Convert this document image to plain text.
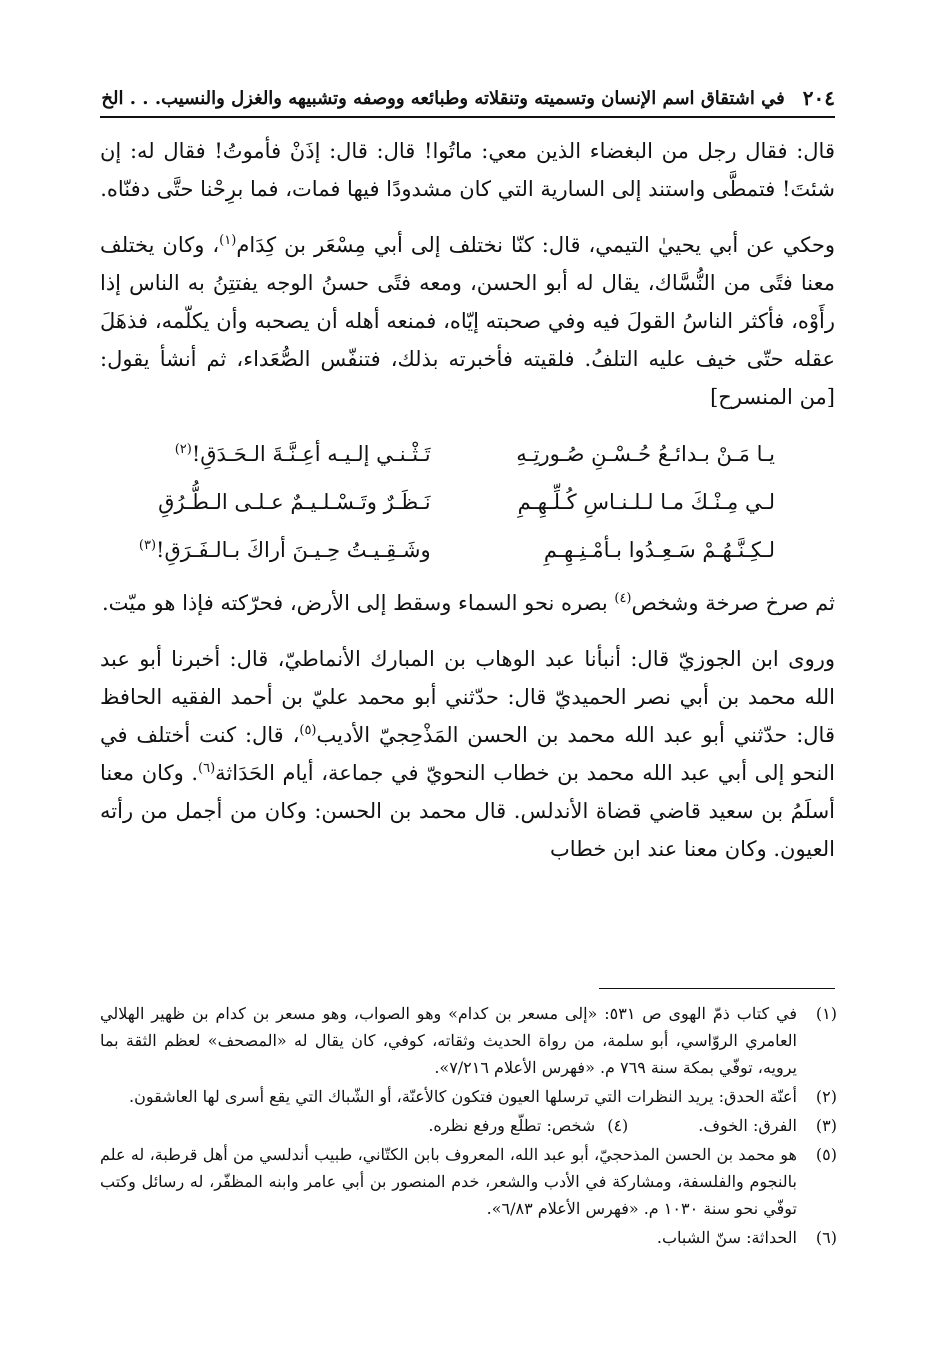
٢٠٤
في اشتقاق اسم الإنسان وتسميته وتنقلاته وطبائعه ووصفه وتشبيهه والغزل والنسيب. . . الخ

قال: فقال رجل من البغضاء الذين معي: ماتُوا! قال: قال: إذَنْ فأموتُ! فقال له: إن شئتَ! فتمطَّى واستند إلى السارية التي كان مشدودًا فيها فمات، فما برِحْنا حتَّى دفنّاه.

وحكي عن أبي يحييٰ التيمي، قال: كنّا نختلف إلى أبي مِسْعَر بن كِدَام$^{(١)}$، وكان يختلف معنا فتًى من النُّسَّاك، يقال له أبو الحسن، ومعه فتًى حسنُ الوجه يفتتِنُ به الناس إذا رأَوْه، فأكثر الناسُ القولَ فيه وفي صحبته إيّاه، فمنعه أهله أن يصحبه وأن يكلّمه، فذهَلَ عقله حتّى خيف عليه التلفُ. فلقيته فأخبرته بذلك، فتنفّس الصُّعَداء، ثم أنشأ يقول: [من المنسرح]

يـا مَـنْ بـدائـعُ حُـسْـنِ صُـورتِـهِ
تَـثْـنـي إلـيـه أعِـنَّـةَ الـحَـدَقِ!$^{(٢)}$
لـي مِـنْـكَ مـا لـلـنـاسِ كُـلِّـهِـمِ
نَـظَـرٌ وتَـسْـلـيـمٌ عـلـى الـطُّـرُقِ
لـكِـنَّـهُـمْ سَـعِـدُوا بـأمْـنِـهِـمِ
وشَـقِـيـتُ حِـيـنَ أراكَ بـالـفَـرَقِ!$^{(٣)}$

ثم صرخ صرخة وشخص$^{(٤)}$ بصره نحو السماء وسقط إلى الأرض، فحرّكته فإذا هو ميّت.

وروى ابن الجوزيّ قال: أنبأنا عبد الوهاب بن المبارك الأنماطيّ، قال: أخبرنا أبو عبد الله محمد بن أبي نصر الحميديّ قال: حدّثني أبو محمد عليّ بن أحمد الفقيه الحافظ قال: حدّثني أبو عبد الله محمد بن الحسن المَذْحِجيّ الأديب$^{(٥)}$، قال: كنت أختلف في النحو إلى أبي عبد الله محمد بن خطاب النحويّ في جماعة، أيام الحَدَاثة$^{(٦)}$. وكان معنا أسلَمُ بن سعيد قاضي قضاة الأندلس. قال محمد بن الحسن: وكان من أجمل من رأته العيون. وكان معنا عند ابن خطاب

(١)
في كتاب ذمّ الهوى ص ٥٣١: «إلى مسعر بن كدام» وهو الصواب، وهو مسعر بن كدام بن ظهير الهلالي العامري الروّاسي، أبو سلمة، من رواة الحديث وثقاته، كوفي، كان يقال له «المصحف» لعظم الثقة بما يرويه، توفّي بمكة سنة ٧٦٩ م. «فهرس الأعلام ٧/٢١٦».
(٢)
أعنّة الحدق: يريد النظرات التي ترسلها العيون فتكون كالأعنّة، أو الشّباك التي يقع أسرى لها العاشقون.
(٣)
الفرق: الخوف.
(٤)
شخص: تطلّع ورفع نظره.
(٥)
هو محمد بن الحسن المذحجيّ، أبو عبد الله، المعروف بابن الكتّاني، طبيب أندلسي من أهل قرطبة، له علم بالنجوم والفلسفة، ومشاركة في الأدب والشعر، خدم المنصور بن أبي عامر وابنه المظفّر، له رسائل وكتب توفّي نحو سنة ١٠٣٠ م. «فهرس الأعلام ٦/٨٣».
(٦)
الحداثة: سنّ الشباب.
